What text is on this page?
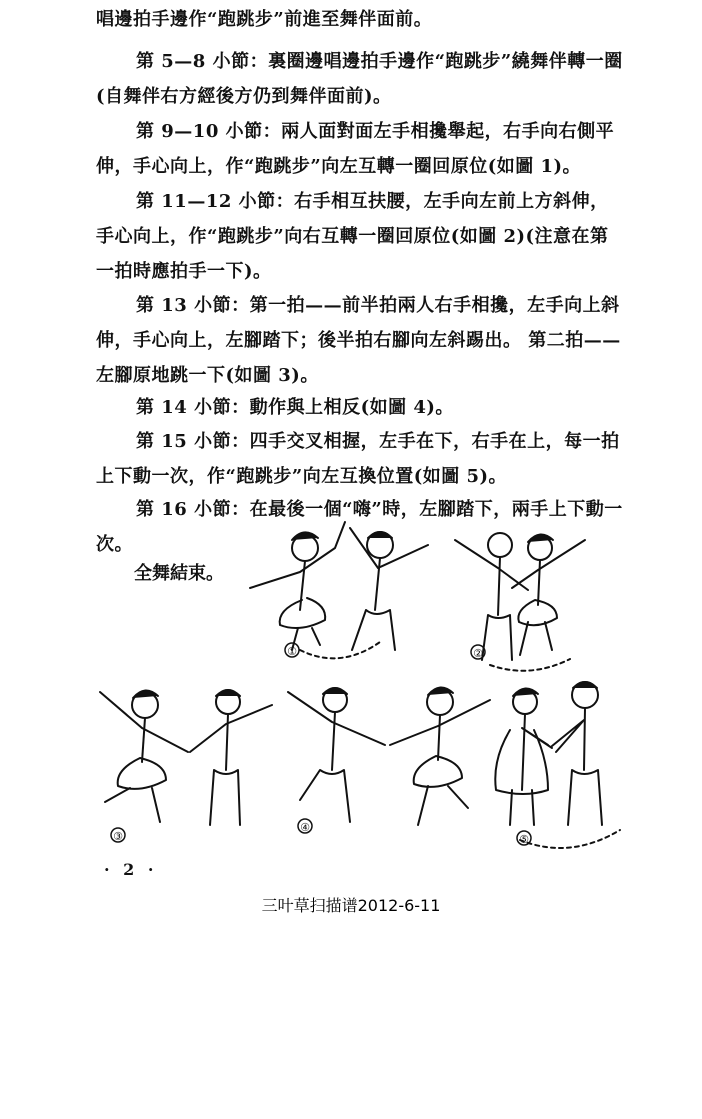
唱邊拍手邊作“跑跳步”前進至舞伴面前。

第 5—8 小節：裏圈邊唱邊拍手邊作“跑跳步”繞舞伴轉一圈(自舞伴右方經後方仍到舞伴面前)。

第 9—10 小節：兩人面對面左手相攙舉起，右手向右側平伸，手心向上，作“跑跳步”向左互轉一圈回原位(如圖 1)。

第 11—12 小節：右手相互扶腰，左手向左前上方斜伸，手心向上，作“跑跳步”向右互轉一圈回原位(如圖 2)(注意在第一拍時應拍手一下)。

第 13 小節：第一拍——前半拍兩人右手相攙，左手向上斜伸，手心向上，左腳踏下；後半拍右腳向左斜踢出。 第二拍——左腳原地跳一下(如圖 3)。

第 14 小節：動作與上相反(如圖 4)。

第 15 小節：四手交叉相握，左手在下，右手在上，每一拍上下動一次，作“跑跳步”向左互換位置(如圖 5)。

第 16 小節：在最後一個“嗨”時，左腳踏下，兩手上下動一次。

全舞結束。
①	②
③
④
⑤
· 2 ·
三叶草扫描谱2012-6-11
